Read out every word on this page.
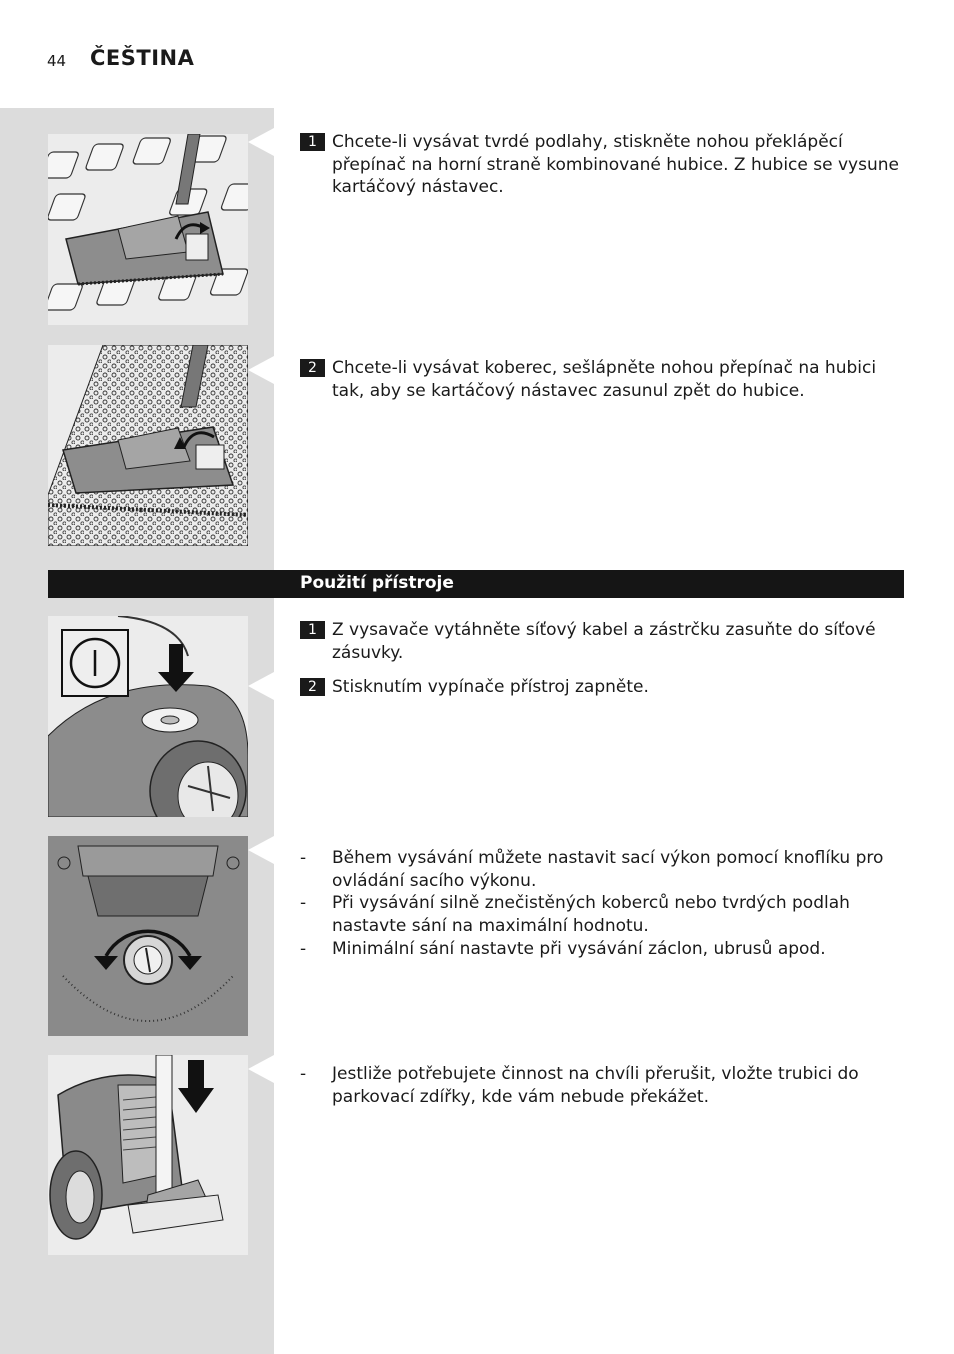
44 ČEŠTINA
1 Chcete-li vysávat tvrdé podlahy, stiskněte nohou překlápěcí přepínač na horní straně kombinované hubice. Z hubice se vysune kartáčový nástavec.
2 Chcete-li vysávat koberec, sešlápněte nohou přepínač na hubici tak, aby se kartáčový nástavec zasunul zpět do hubice.
Použití přístroje
1 Z vysavače vytáhněte síťový kabel a zástrčku zasuňte do síťové zásuvky.
2 Stisknutím vypínače přístroj zapněte.
- Během vysávání můžete nastavit sací výkon pomocí knoflíku pro ovládání sacího výkonu.
- Při vysávání silně znečistěných koberců nebo tvrdých podlah nastavte sání na maximální hodnotu.
- Minimální sání nastavte při vysávání záclon, ubrusů apod.
- Jestliže potřebujete činnost na chvíli přerušit, vložte trubici do parkovací zdířky, kde vám nebude překážet.
